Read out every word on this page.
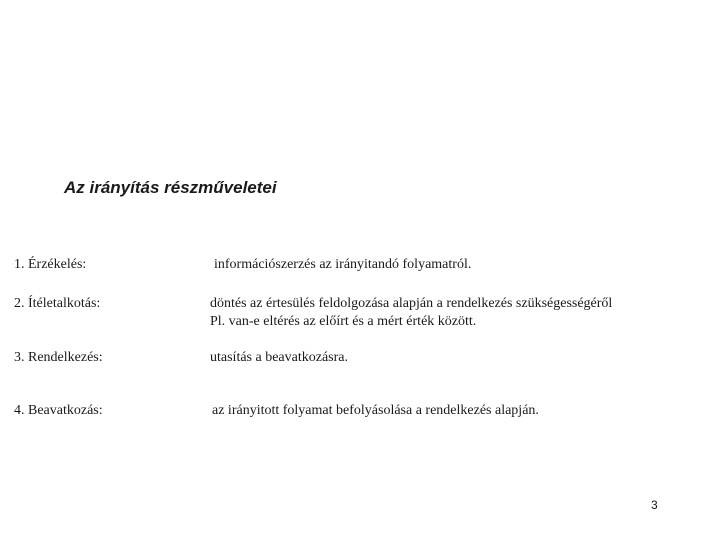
Az irányítás részműveletei
1. Érzékelés:	információszerzés az irányitandó folyamatról.
2. Ítéletalkotás:	döntés az értesülés feldolgozása alapján a rendelkezés szükségességéről
Pl. van-e eltérés az előírt és a mért érték között.
3. Rendelkezés:	utasítás a beavatkozásra.
4. Beavatkozás:	az irányitott folyamat befolyásolása a rendelkezés alapján.
3
